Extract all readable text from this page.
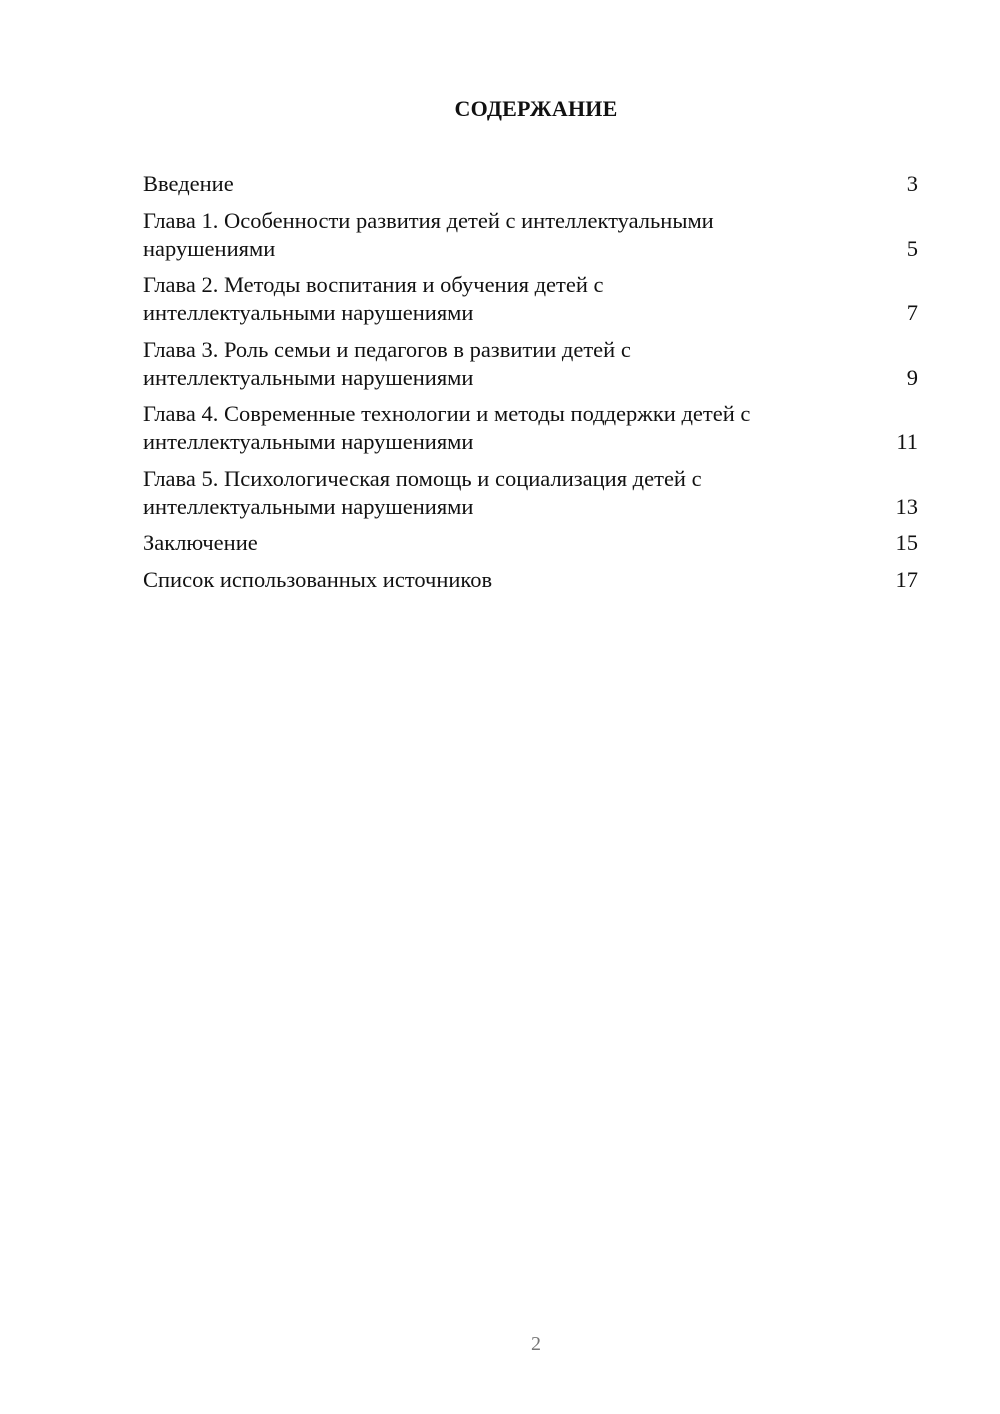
СОДЕРЖАНИЕ
Введение	3
Глава 1. Особенности развития детей с интеллектуальными
нарушениями	5
Глава 2. Методы воспитания и обучения детей с
интеллектуальными нарушениями	7
Глава 3. Роль семьи и педагогов в развитии детей с
интеллектуальными нарушениями	9
Глава 4. Современные технологии и методы поддержки детей с
интеллектуальными нарушениями	11
Глава 5. Психологическая помощь и социализация детей с
интеллектуальными нарушениями	13
Заключение	15
Список использованных источников	17
2
